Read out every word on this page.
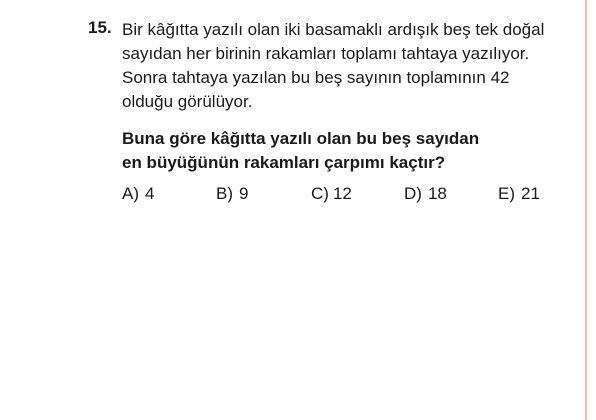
15. Bir kâğıtta yazılı olan iki basamaklı ardışık beş tek doğal
sayıdan her birinin rakamları toplamı tahtaya yazılıyor.
Sonra tahtaya yazılan bu beş sayının toplamının 42
olduğu görülüyor.
Buna göre kâğıtta yazılı olan bu beş sayıdan
en büyüğünün rakamları çarpımı kaçtır?
A) 4	B) 9	C) 12	D) 18	E) 21
